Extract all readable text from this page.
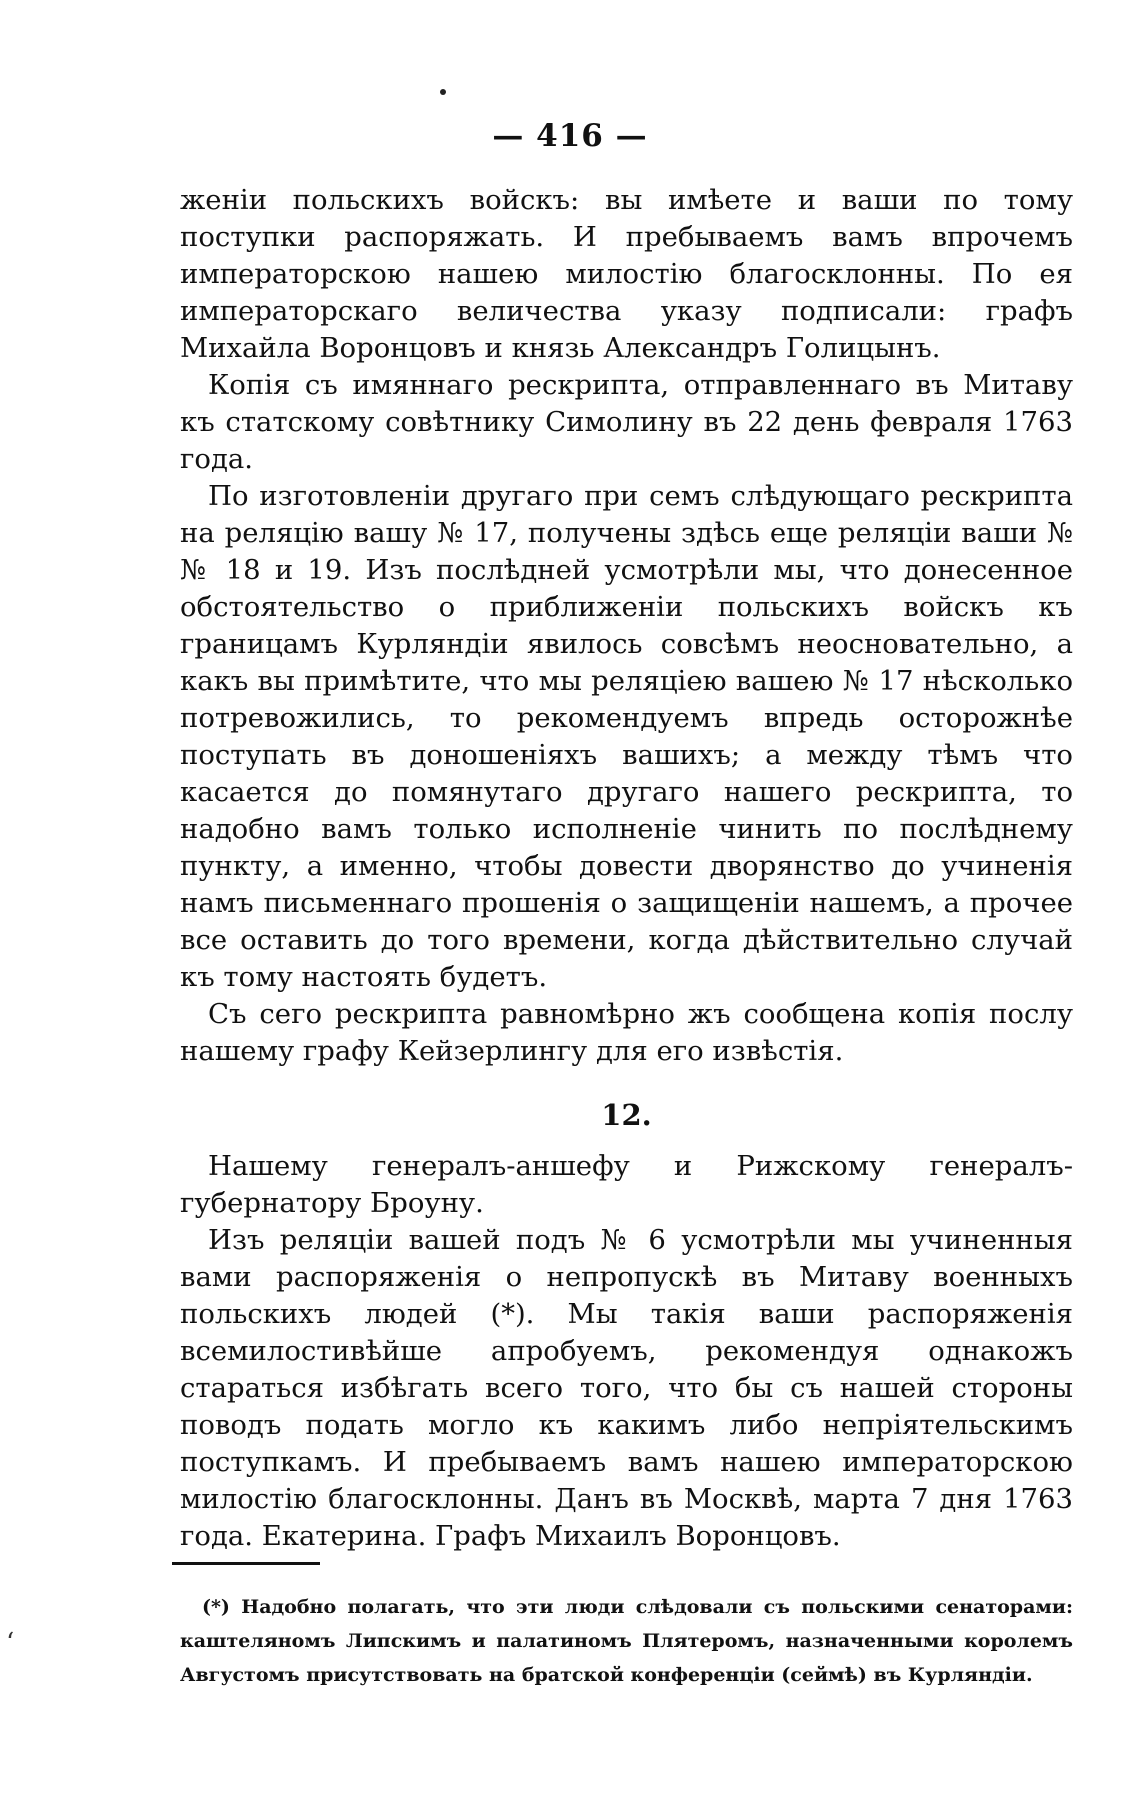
— 416 —

женіи польскихъ войскъ: вы имѣете и ваши по тому поступки распоряжать. И пребываемъ вамъ впрочемъ императорскою нашею милостію благосклонны. По ея императорскаго величества указу подписали: графъ Михайла Воронцовъ и князь Александръ Голицынъ.

Копія съ имяннаго рескрипта, отправленнаго въ Митаву къ статскому совѣтнику Симолину въ 22 день февраля 1763 года.

По изготовленіи другаго при семъ слѣдующаго рескрипта на реляцію вашу № 17, получены здѣсь еще реляціи ваши № № 18 и 19. Изъ послѣдней усмотрѣли мы, что донесенное обстоятельство о приближеніи польскихъ войскъ къ границамъ Курляндіи явилось совсѣмъ неосновательно, а какъ вы примѣтите, что мы реляціею вашею № 17 нѣсколько потревожились, то рекомендуемъ впредь осторожнѣе поступать въ доношеніяхъ вашихъ; а между тѣмъ что касается до помянутаго другаго нашего рескрипта, то надобно вамъ только исполненіе чинить по послѣднему пункту, а именно, чтобы довести дворянство до учиненія намъ письменнаго прошенія о защищеніи нашемъ, а прочее все оставить до того времени, когда дѣйствительно случай къ тому настоять будетъ.

Съ сего рескрипта равномѣрно жъ сообщена копія послу нашему графу Кейзерлингу для его извѣстія.

12.

Нашему генералъ-аншефу и Рижскому генералъ-губернатору Броуну.

Изъ реляціи вашей подъ № 6 усмотрѣли мы учиненныя вами распоряженія о непропускѣ въ Митаву военныхъ польскихъ людей (*). Мы такія ваши распоряженія всемилостивѣйше апробуемъ, рекомендуя однакожъ стараться избѣгать всего того, что бы съ нашей стороны поводъ подать могло къ какимъ либо непріятельскимъ поступкамъ. И пребываемъ вамъ нашею императорскою милостію благосклонны. Данъ въ Москвѣ, марта 7 дня 1763 года. Екатерина. Графъ Михаилъ Воронцовъ.

(*) Надобно полагать, что эти люди слѣдовали съ польскими сенаторами: каштеляномъ Липскимъ и палатиномъ Плятеромъ, назначенными королемъ Августомъ присутствовать на братской конференціи (сеймѣ) въ Курляндіи.

ʻ
